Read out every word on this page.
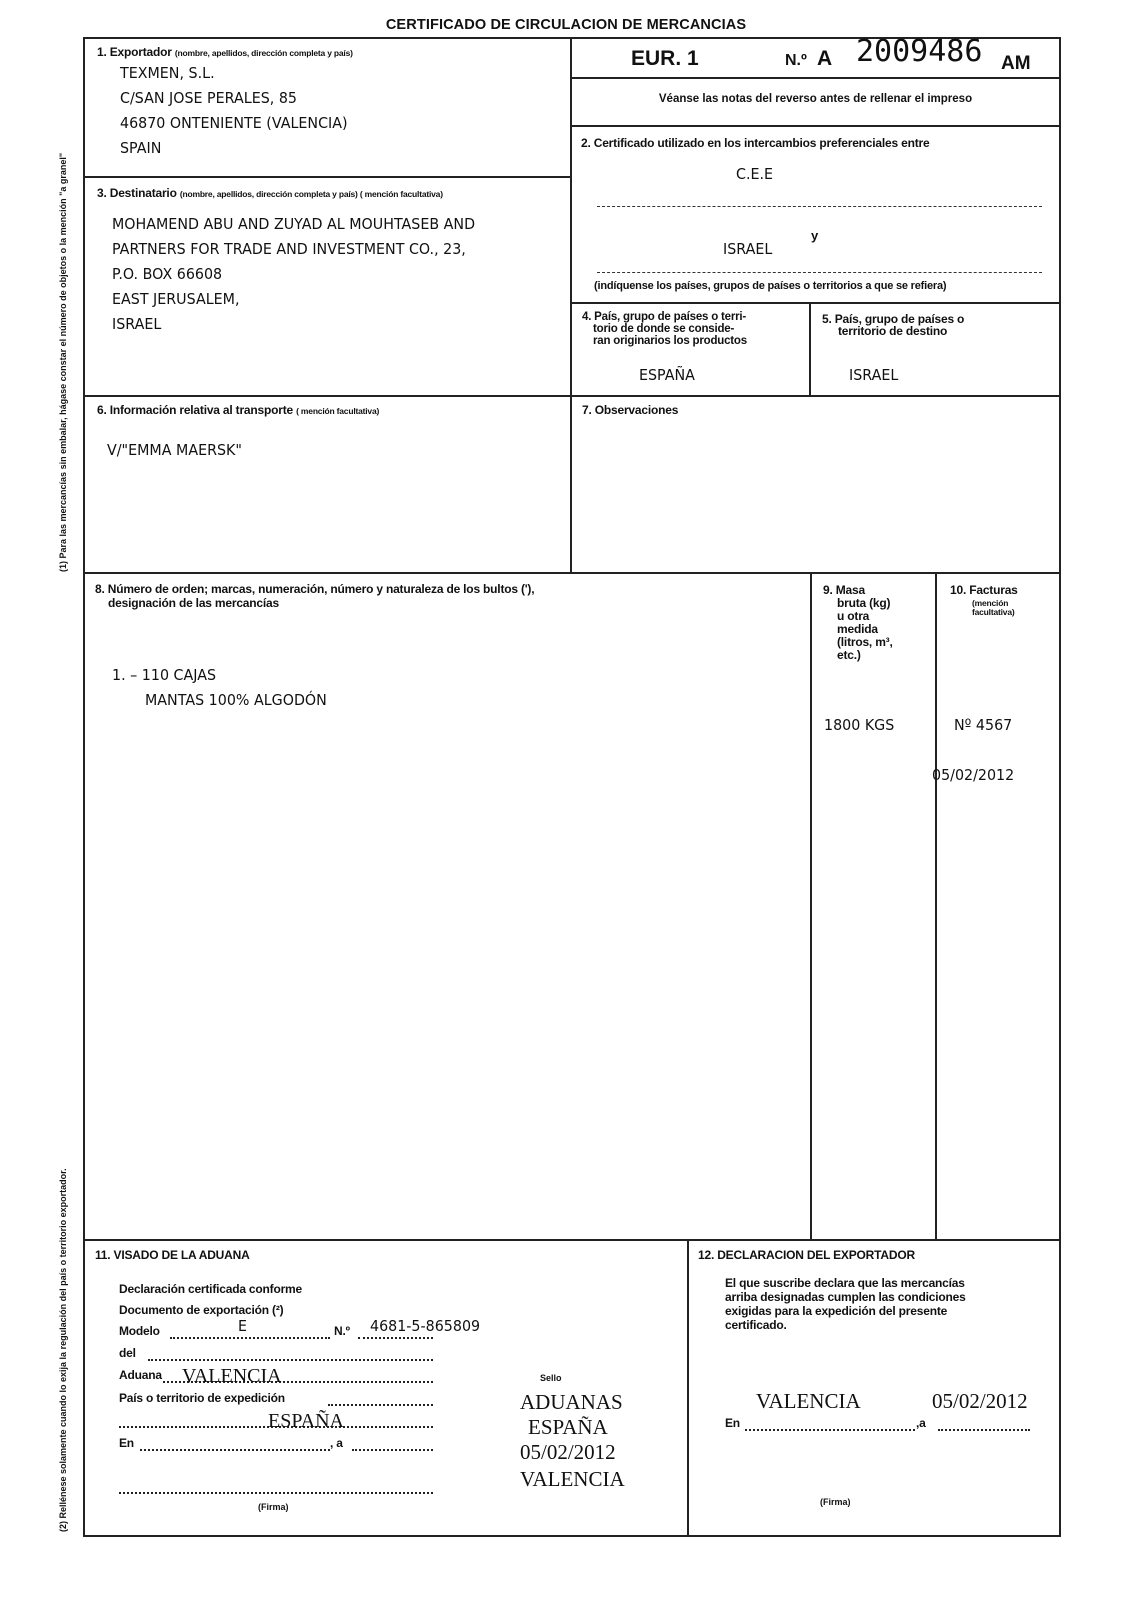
CERTIFICADO DE CIRCULACION DE MERCANCIAS
(1) Para las mercancías sin embalar, hágase constar el número de objetos o la mención "a granel"
(2) Rellénese solamente cuando lo exija la regulación del país o territorio exportador.
EUR. 1	N.º A 2009486 AM
Véanse las notas del reverso antes de rellenar el impreso
1. Exportador (nombre, apellidos, dirección completa y país)
TEXMEN, S.L.
C/SAN JOSE PERALES, 85
46870 ONTENIENTE (VALENCIA)
SPAIN	2. Certificado utilizado en los intercambios preferenciales entre
C.E.E
y
ISRAEL
(indíquense los países, grupos de países o territorios a que se refiera)
3. Destinatario (nombre, apellidos, dirección completa y país) ( mención facultativa)
MOHAMEND ABU AND ZUYAD AL MOUHTASEB AND
PARTNERS FOR TRADE AND INVESTMENT CO., 23,
P.O. BOX 66608
EAST JERUSALEM,
ISRAEL	4. País, grupo de países o terri-
torio de donde se conside-
ran originarios los productos
ESPAÑA
5. País, grupo de países o
territorio de destino
ISRAEL
6. Información relativa al transporte ( mención facultativa)
V/"EMMA MAERSK"
7. Observaciones
8. Número de orden; marcas, numeración, número y naturaleza de los bultos ('),
designación de las mercancías
1. – 110 CAJAS
MANTAS 100% ALGODÓN
9. Masa
bruta (kg)
u otra
medida
(litros, m³,
etc.)
1800 KGS
10. Facturas
(mención
facultativa)
Nº 4567
05/02/2012
11. VISADO DE LA ADUANA
Declaración certificada conforme
Documento de exportación (²)
Modelo	E	N.º 4681-5-865809
del
Aduana VALENCIA
País o territorio de expedición
ESPAÑA
En	, a
(Firma)
Sello
ADUANAS
ESPAÑA
05/02/2012
VALENCIA
12. DECLARACION DEL EXPORTADOR
El que suscribe declara que las mercancías
arriba designadas cumplen las condiciones
exigidas para la expedición del presente
certificado.
VALENCIA	05/02/2012
En	,a
(Firma)
